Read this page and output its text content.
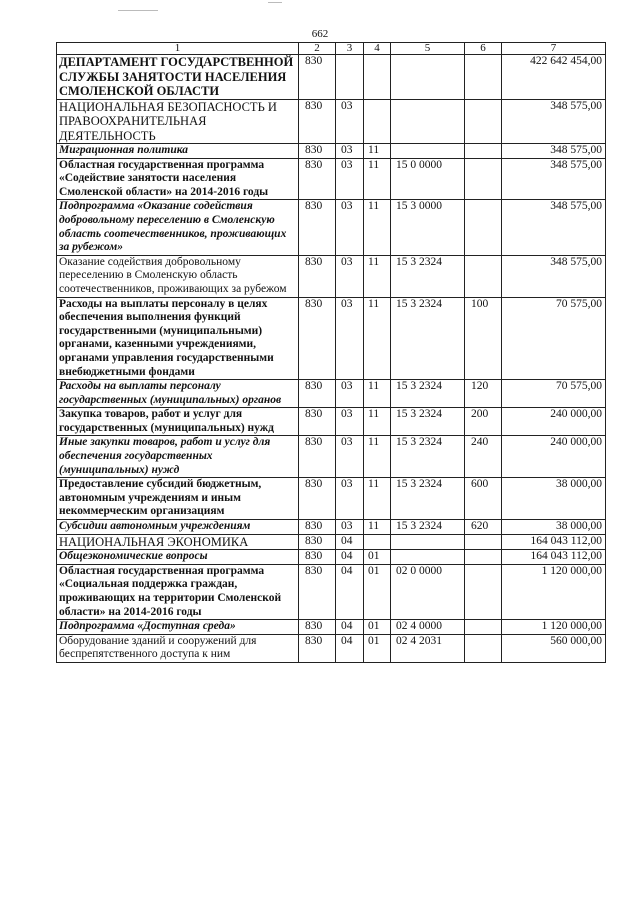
662
1	2	3	4	5	6	7
ДЕПАРТАМЕНТ ГОСУДАРСТВЕННОЙ СЛУЖБЫ ЗАНЯТОСТИ НАСЕЛЕНИЯ СМОЛЕНСКОЙ ОБЛАСТИ	830					422 642 454,00
НАЦИОНАЛЬНАЯ БЕЗОПАСНОСТЬ И ПРАВООХРАНИТЕЛЬНАЯ ДЕЯТЕЛЬНОСТЬ	830	03				348 575,00
Миграционная политика	830	03	11			348 575,00
Областная государственная программа «Содействие занятости населения Смоленской области» на 2014-2016 годы	830	03	11	15 0 0000		348 575,00
Подпрограмма «Оказание содействия добровольному переселению в Смоленскую область соотечественников, проживающих за рубежом»	830	03	11	15 3 0000		348 575,00
Оказание содействия добровольному переселению в Смоленскую область соотечественников, проживающих за рубежом	830	03	11	15 3 2324		348 575,00
Расходы на выплаты персоналу в целях обеспечения выполнения функций государственными (муниципальными) органами, казенными учреждениями, органами управления государственными внебюджетными фондами	830	03	11	15 3 2324	100	70 575,00
Расходы на выплаты персоналу государственных (муниципальных) органов	830	03	11	15 3 2324	120	70 575,00
Закупка товаров, работ и услуг для государственных (муниципальных) нужд	830	03	11	15 3 2324	200	240 000,00
Иные закупки товаров, работ и услуг для обеспечения государственных (муниципальных) нужд	830	03	11	15 3 2324	240	240 000,00
Предоставление субсидий бюджетным, автономным учреждениям и иным некоммерческим организациям	830	03	11	15 3 2324	600	38 000,00
Субсидии автономным учреждениям	830	03	11	15 3 2324	620	38 000,00
НАЦИОНАЛЬНАЯ ЭКОНОМИКА	830	04				164 043 112,00
Общеэкономические вопросы	830	04	01			164 043 112,00
Областная государственная программа «Социальная поддержка граждан, проживающих на территории Смоленской области» на 2014-2016 годы	830	04	01	02 0 0000		1 120 000,00
Подпрограмма «Доступная среда»	830	04	01	02 4 0000		1 120 000,00
Оборудование зданий и сооружений для беспрепятственного доступа к ним	830	04	01	02 4 2031		560 000,00
